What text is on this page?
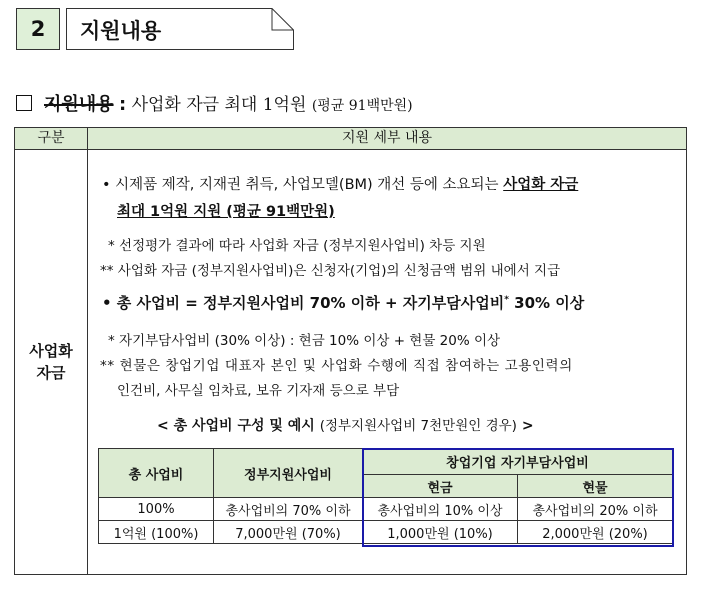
2 지원내용
지원내용 : 사업화 자금 최대 1억원 (평균 91백만원)
구분	지원 세부 내용
사업화
자금
• 시제품 제작, 지재권 취득, 사업모델(BM) 개선 등에 소요되는 사업화 자금
최대 1억원 지원 (평균 91백만원)
* 선정평가 결과에 따라 사업화 자금 (정부지원사업비) 차등 지원
** 사업화 자금 (정부지원사업비)은 신청자(기업)의 신청금액 범위 내에서 지급
• 총 사업비 = 정부지원사업비 70% 이하 + 자기부담사업비* 30% 이상
* 자기부담사업비 (30% 이상) : 현금 10% 이상 + 현물 20% 이상
** 현물은 창업기업 대표자 본인 및 사업화 수행에 직접 참여하는 고용인력의
인건비, 사무실 임차료, 보유 기자재 등으로 부담
< 총 사업비 구성 및 예시 (정부지원사업비 7천만원인 경우) >
총 사업비	정부지원사업비	창업기업 자기부담사업비	
		현금	현물
100%	총사업비의 70% 이하	총사업비의 10% 이상	총사업비의 20% 이하
1억원 (100%)	7,000만원 (70%)	1,000만원 (10%)	2,000만원 (20%)
